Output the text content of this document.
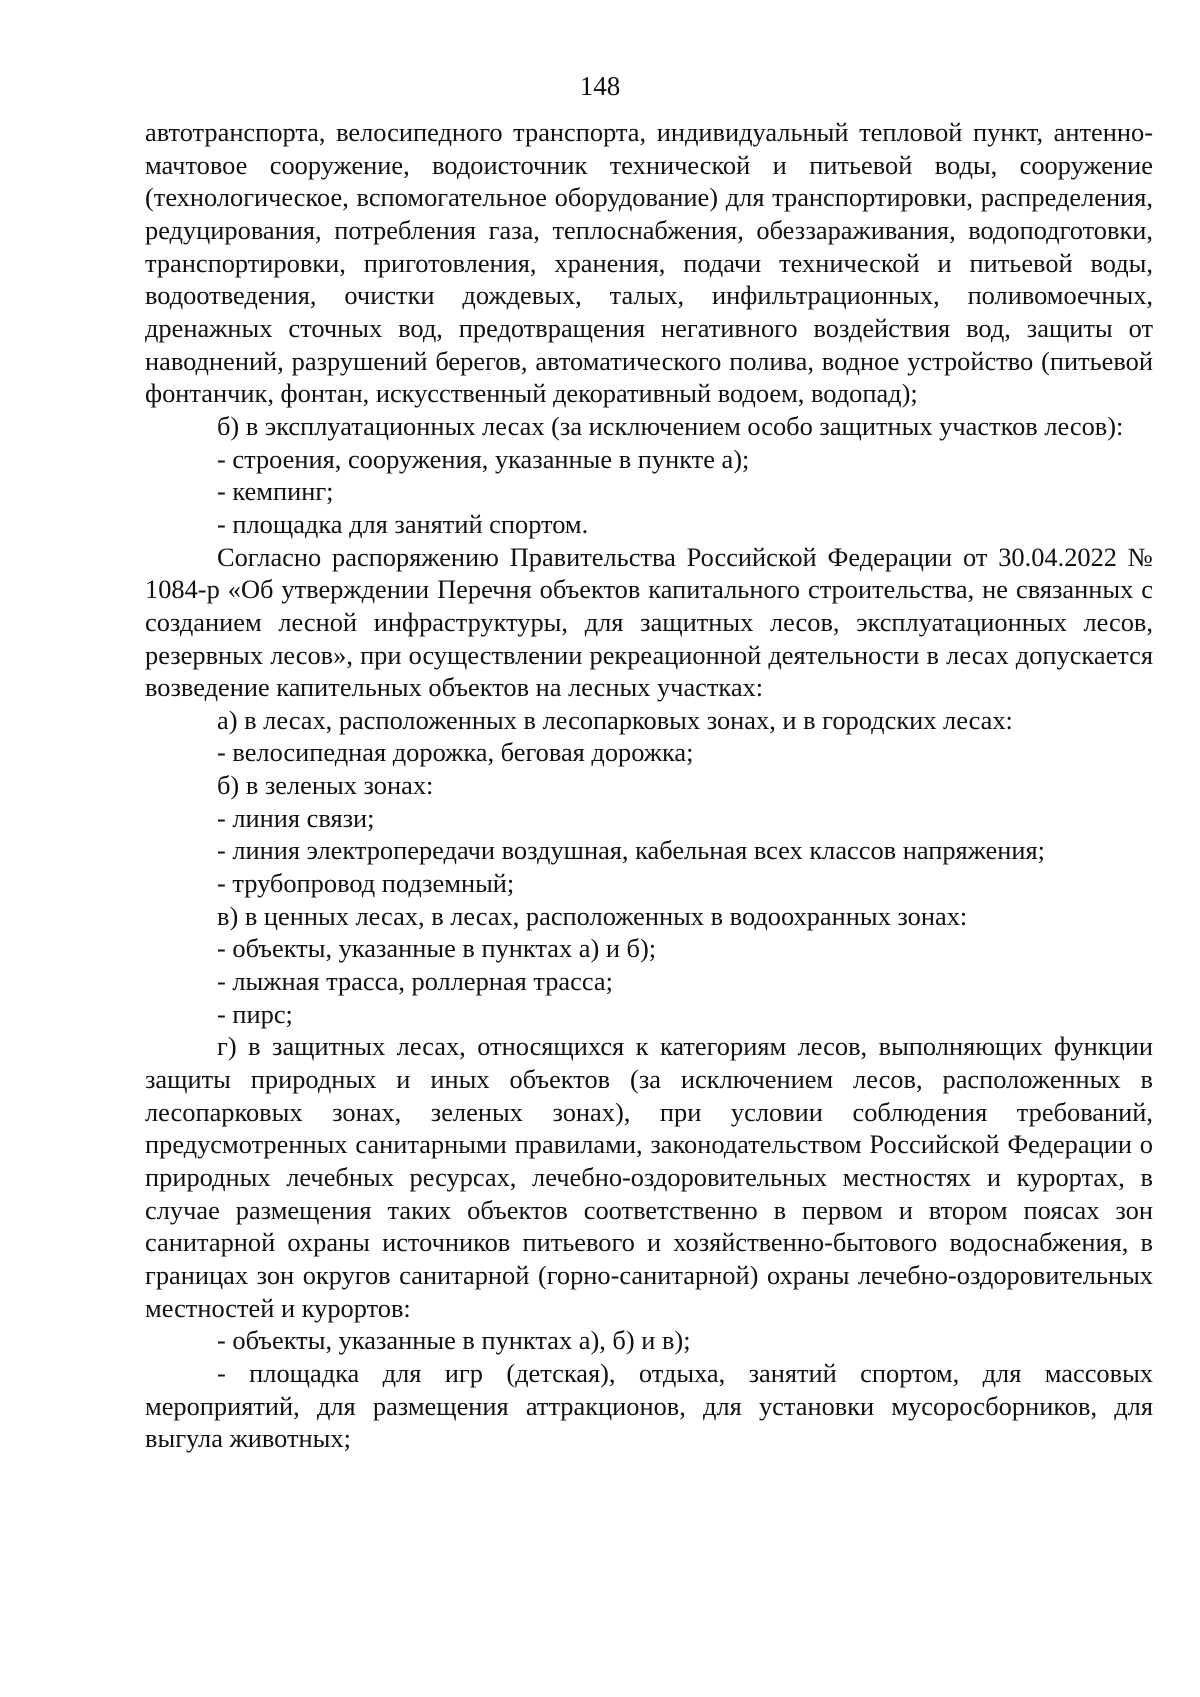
148

автотранспорта, велосипедного транспорта, индивидуальный тепловой пункт, антенно-мачтовое сооружение, водоисточник технической и питьевой воды, сооружение (технологическое, вспомогательное оборудование) для транспортировки, распределения, редуцирования, потребления газа, теплоснабжения, обеззараживания, водоподготовки, транспортировки, приготовления, хранения, подачи технической и питьевой воды, водоотведения, очистки дождевых, талых, инфильтрационных, поливомоечных, дренажных сточных вод, предотвращения негативного воздействия вод, защиты от наводнений, разрушений берегов, автоматического полива, водное устройство (питьевой фонтанчик, фонтан, искусственный декоративный водоем, водопад);

б) в эксплуатационных лесах (за исключением особо защитных участков лесов):

- строения, сооружения, указанные в пункте а);

- кемпинг;

- площадка для занятий спортом.

Согласно распоряжению Правительства Российской Федерации от 30.04.2022 № 1084-р «Об утверждении Перечня объектов капитального строительства, не связанных с созданием лесной инфраструктуры, для защитных лесов, эксплуатационных лесов, резервных лесов», при осуществлении рекреационной деятельности в лесах допускается возведение капительных объектов на лесных участках:

а) в лесах, расположенных в лесопарковых зонах, и в городских лесах:

- велосипедная дорожка, беговая дорожка;

б) в зеленых зонах:

- линия связи;

- линия электропередачи воздушная, кабельная всех классов напряжения;

- трубопровод подземный;

в) в ценных лесах, в лесах, расположенных в водоохранных зонах:

- объекты, указанные в пунктах а) и б);

- лыжная трасса, роллерная трасса;

- пирс;

г) в защитных лесах, относящихся к категориям лесов, выполняющих функции защиты природных и иных объектов (за исключением лесов, расположенных в лесопарковых зонах, зеленых зонах), при условии соблюдения требований, предусмотренных санитарными правилами, законодательством Российской Федерации о природных лечебных ресурсах, лечебно-оздоровительных местностях и курортах, в случае размещения таких объектов соответственно в первом и втором поясах зон санитарной охраны источников питьевого и хозяйственно-бытового водоснабжения, в границах зон округов санитарной (горно-санитарной) охраны лечебно-оздоровительных местностей и курортов:

- объекты, указанные в пунктах а), б) и в);

- площадка для игр (детская), отдыха, занятий спортом, для массовых мероприятий, для размещения аттракционов, для установки мусоросборников, для выгула животных;
